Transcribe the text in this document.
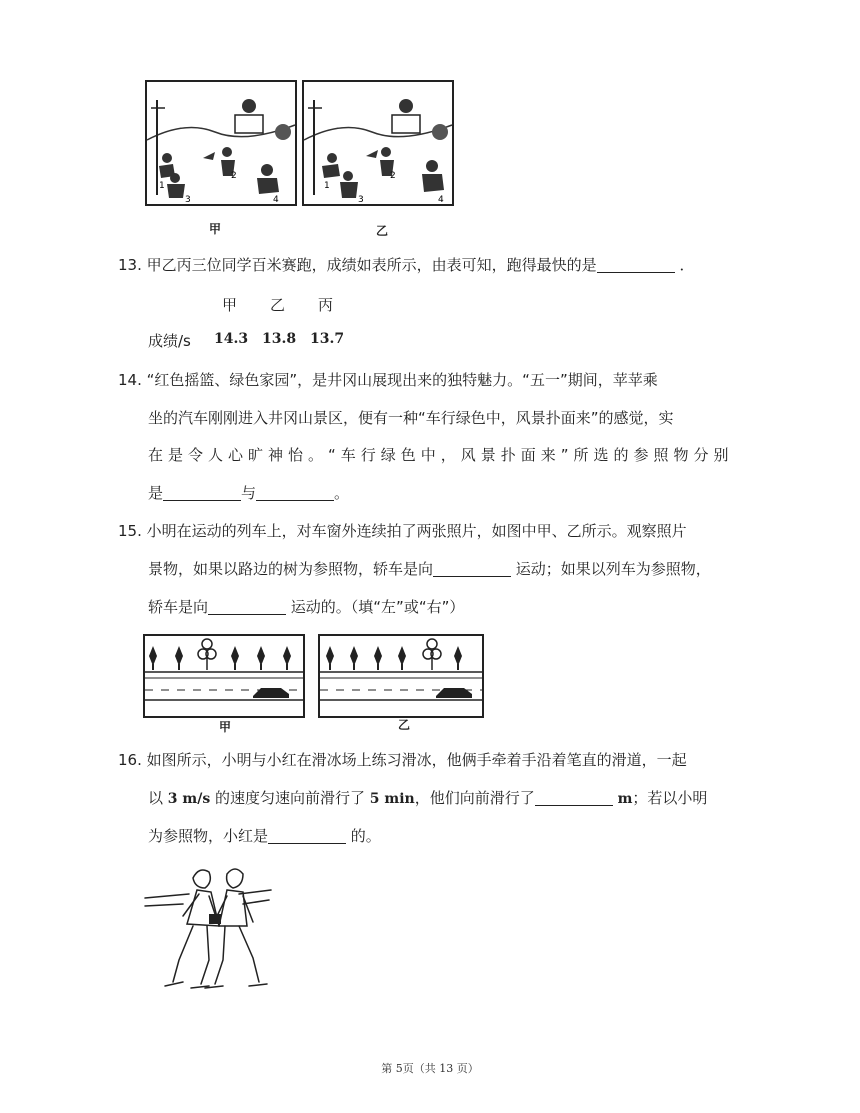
1
2
3	4
1
2
3	4
甲	乙
13. 甲乙丙三位同学百米赛跑，成绩如表所示，由表可知，跑得最快的是	．
甲 乙 丙
成绩/s 14.3 13.8 13.7
14. “红色摇篮、绿色家园”，是井冈山展现出来的独特魅力。“五一”期间，苹苹乘
坐的汽车刚刚进入井冈山景区，便有一种“车行绿色中，风景扑面来”的感觉，实
在是令人心旷神怡。“车行绿色中，风景扑面来”所选的参照物分别
是	与	。
15. 小明在运动的列车上，对车窗外连续拍了两张照片，如图中甲、乙所示。观察照片
景物，如果以路边的树为参照物，轿车是向	运动；如果以列车为参照物，
轿车是向	运动的。（填“左”或“右”）
甲	乙
16. 如图所示，小明与小红在滑冰场上练习滑冰，他俩手牵着手沿着笔直的滑道，一起
以 3 m/s 的速度匀速向前滑行了 5 min，他们向前滑行了	m；若以小明
为参照物，小红是	的。
第 5页（共 13 页）
